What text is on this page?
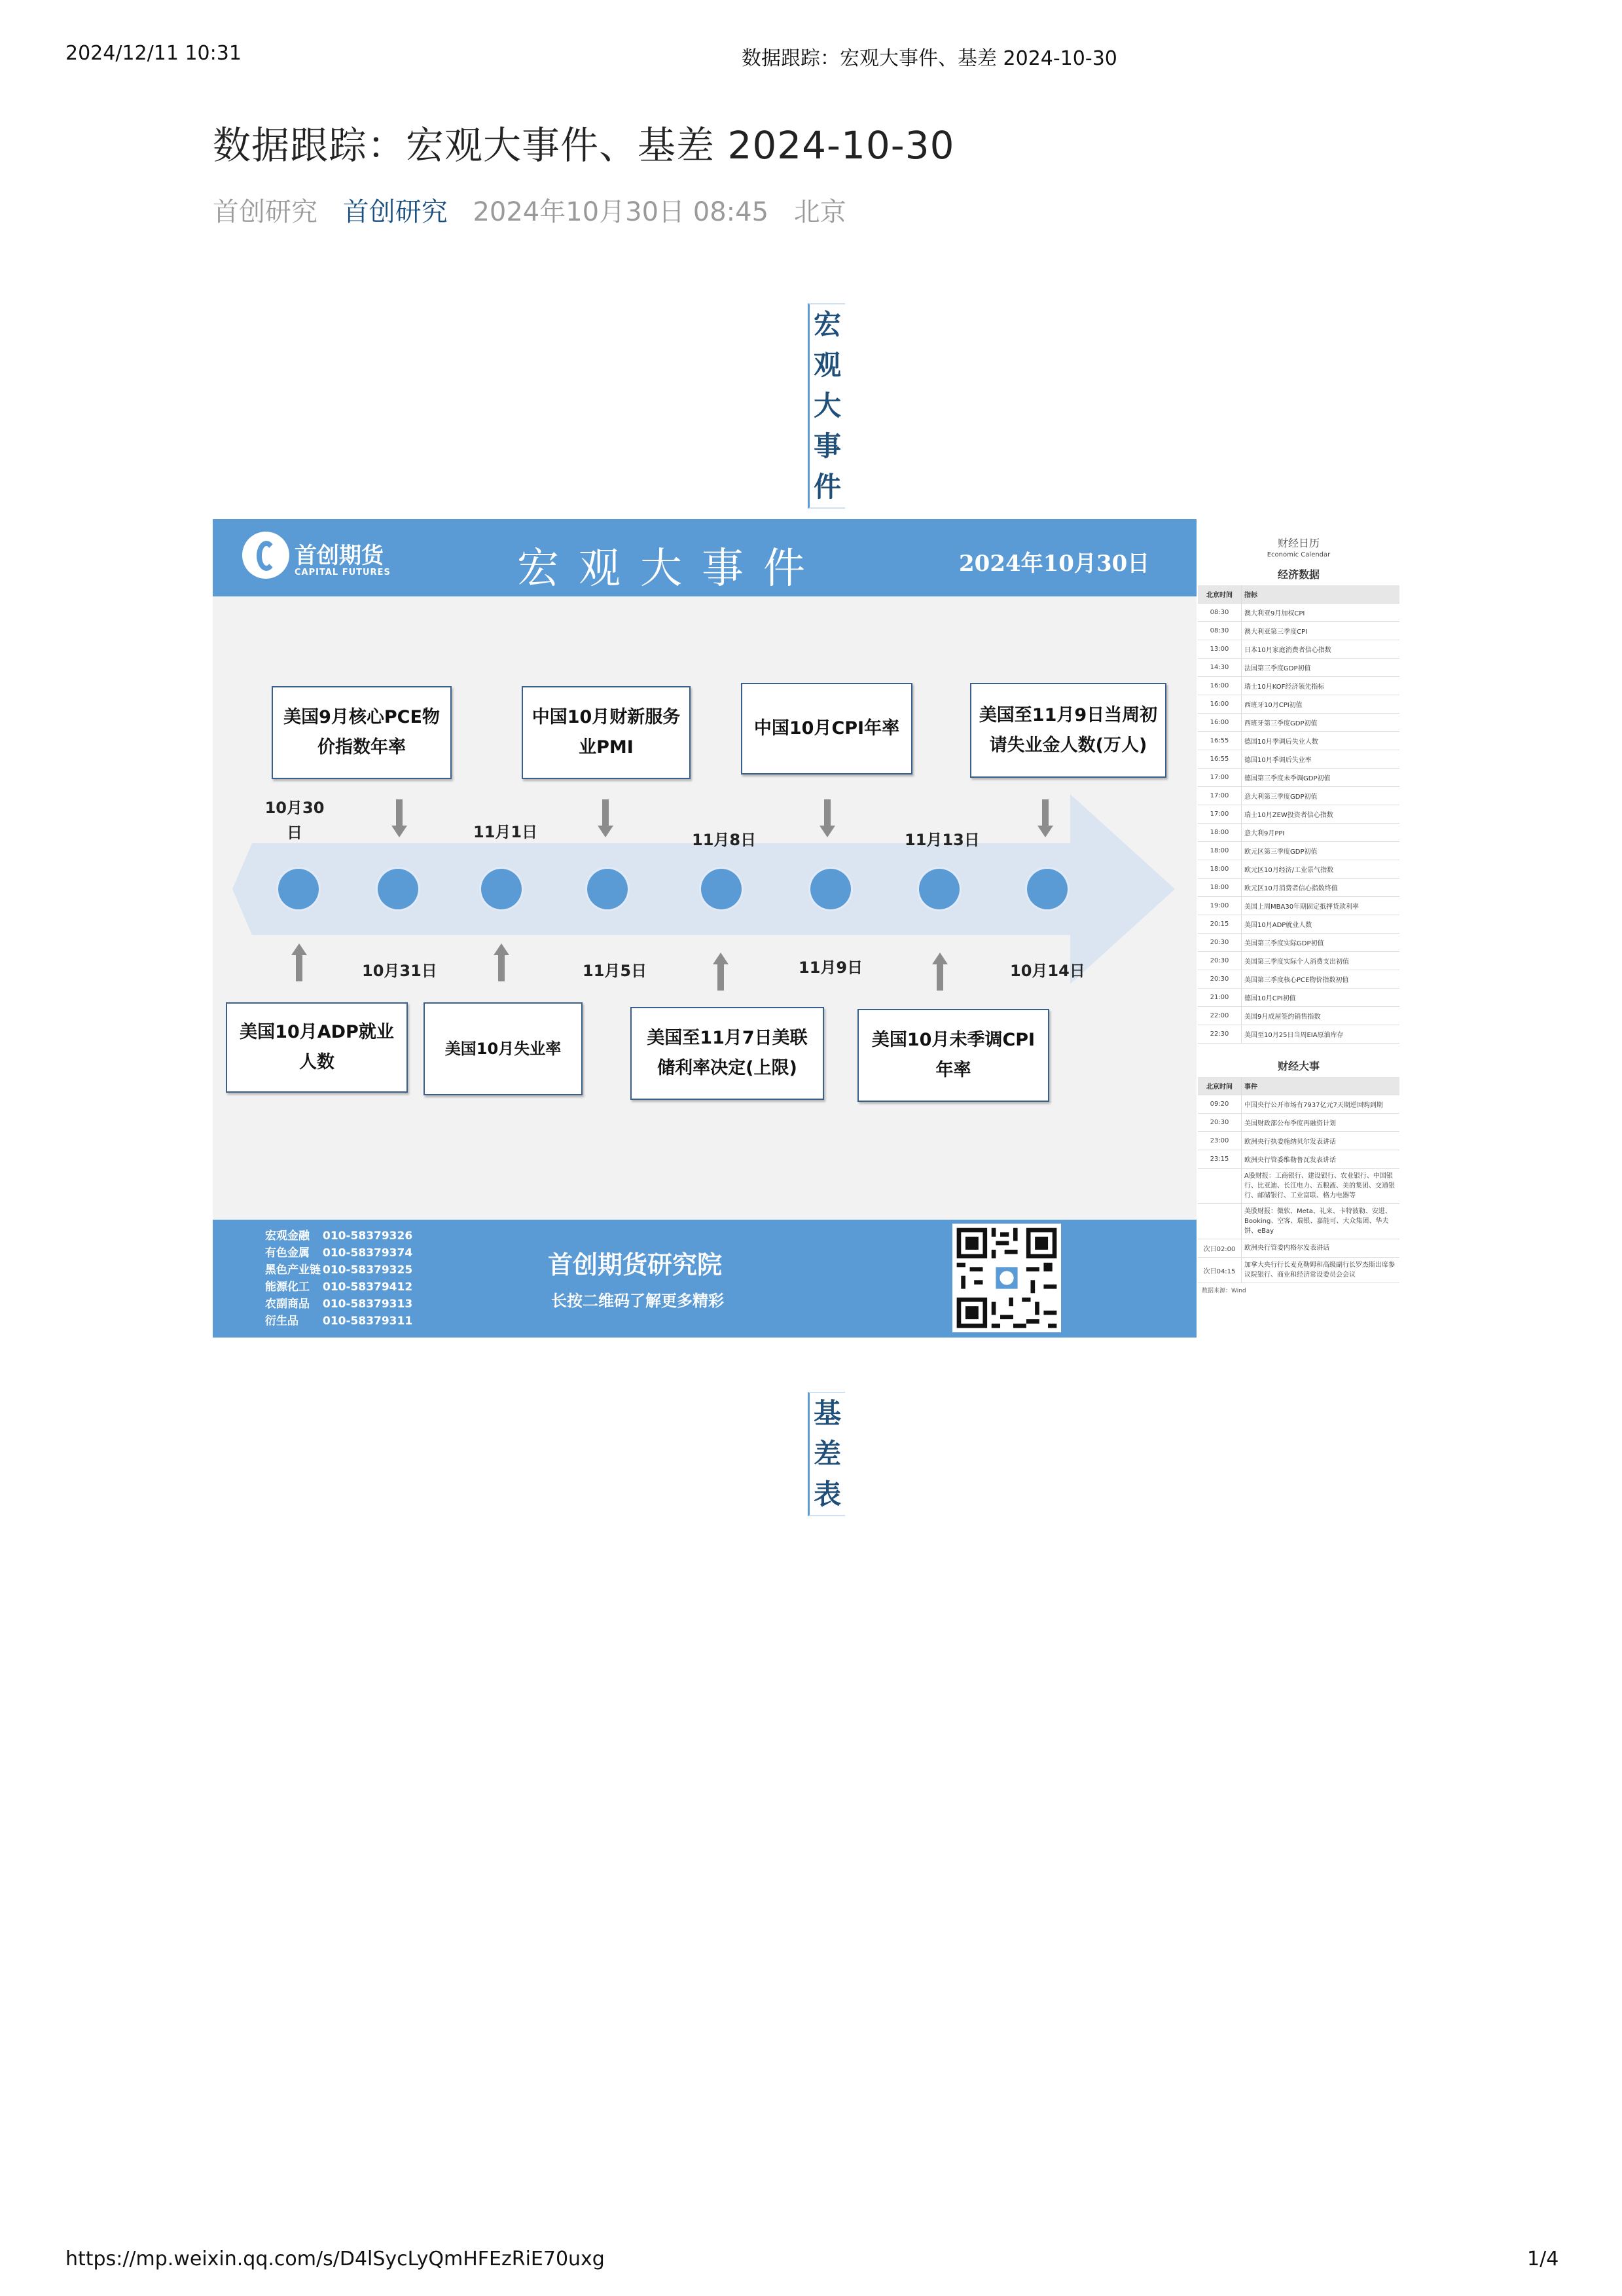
2024/12/11 10:31	数据跟踪：宏观大事件、基差 2024-10-30
数据跟踪：宏观大事件、基差 2024-10-30
首创研究 首创研究 2024年10月30日 08:45 北京
宏
观
大
事
件
首创期货
CAPITAL FUTURES	宏观大事件	2024年10月30日
美国9月核心PCE物价指数年率
中国10月财新服务业PMI
中国10月CPI年率
美国至11月9日当周初请失业金人数(万人)
10月30日	11月1日	11月8日	11月13日
10月31日	11月5日	11月9日	10月14日
美国10月ADP就业人数
美国10月失业率
美国至11月7日美联储利率决定(上限)
美国10月未季调CPI年率
宏观金融 010-58379326
有色金属 010-58379374
黑色产业链 010-58379325
能源化工 010-58379412
农副商品 010-58379313
衍生品 010-58379311
首创期货研究院
长按二维码了解更多精彩
财经日历
Economic Calendar
经济数据
北京时间	指标
08:30	澳大利亚9月加权CPI
08:30	澳大利亚第三季度CPI
13:00	日本10月家庭消费者信心指数
14:30	法国第三季度GDP初值
16:00	瑞士10月KOF经济领先指标
16:00	西班牙10月CPI初值
16:00	西班牙第三季度GDP初值
16:55	德国10月季调后失业人数
16:55	德国10月季调后失业率
17:00	德国第三季度未季调GDP初值
17:00	意大利第三季度GDP初值
17:00	瑞士10月ZEW投资者信心指数
18:00	意大利9月PPI
18:00	欧元区第三季度GDP初值
18:00	欧元区10月经济/工业景气指数
18:00	欧元区10月消费者信心指数终值
19:00	美国上周MBA30年期固定抵押贷款利率
20:15	美国10月ADP就业人数
20:30	美国第三季度实际GDP初值
20:30	美国第三季度实际个人消费支出初值
20:30	美国第三季度核心PCE物价指数初值
21:00	德国10月CPI初值
22:00	美国9月成屋签约销售指数
22:30	美国至10月25日当周EIA原油库存
财经大事
北京时间	事件
09:20	中国央行公开市场有7937亿元7天期逆回购到期
20:30	美国财政部公布季度再融资计划
23:00	欧洲央行执委施纳贝尔发表讲话
23:15	欧洲央行管委维勒鲁瓦发表讲话
	A股财报：工商银行、建设银行、农业银行、中国银行、比亚迪、长江电力、五粮液、美的集团、交通银行、邮储银行、工业富联、格力电器等
	美股财报：微软、Meta、礼来、卡特彼勒、安进、Booking、空客、瑞银、嘉能可、大众集团、华夫饼、eBay
次日02:00	欧洲央行管委内格尔发表讲话
次日04:15	加拿大央行行长麦克勒姆和高级副行长罗杰斯出席参议院银行、商业和经济常设委员会会议
数据来源：Wind
基
差
表
https://mp.weixin.qq.com/s/D4lSycLyQmHFEzRiE70uxg	1/4
